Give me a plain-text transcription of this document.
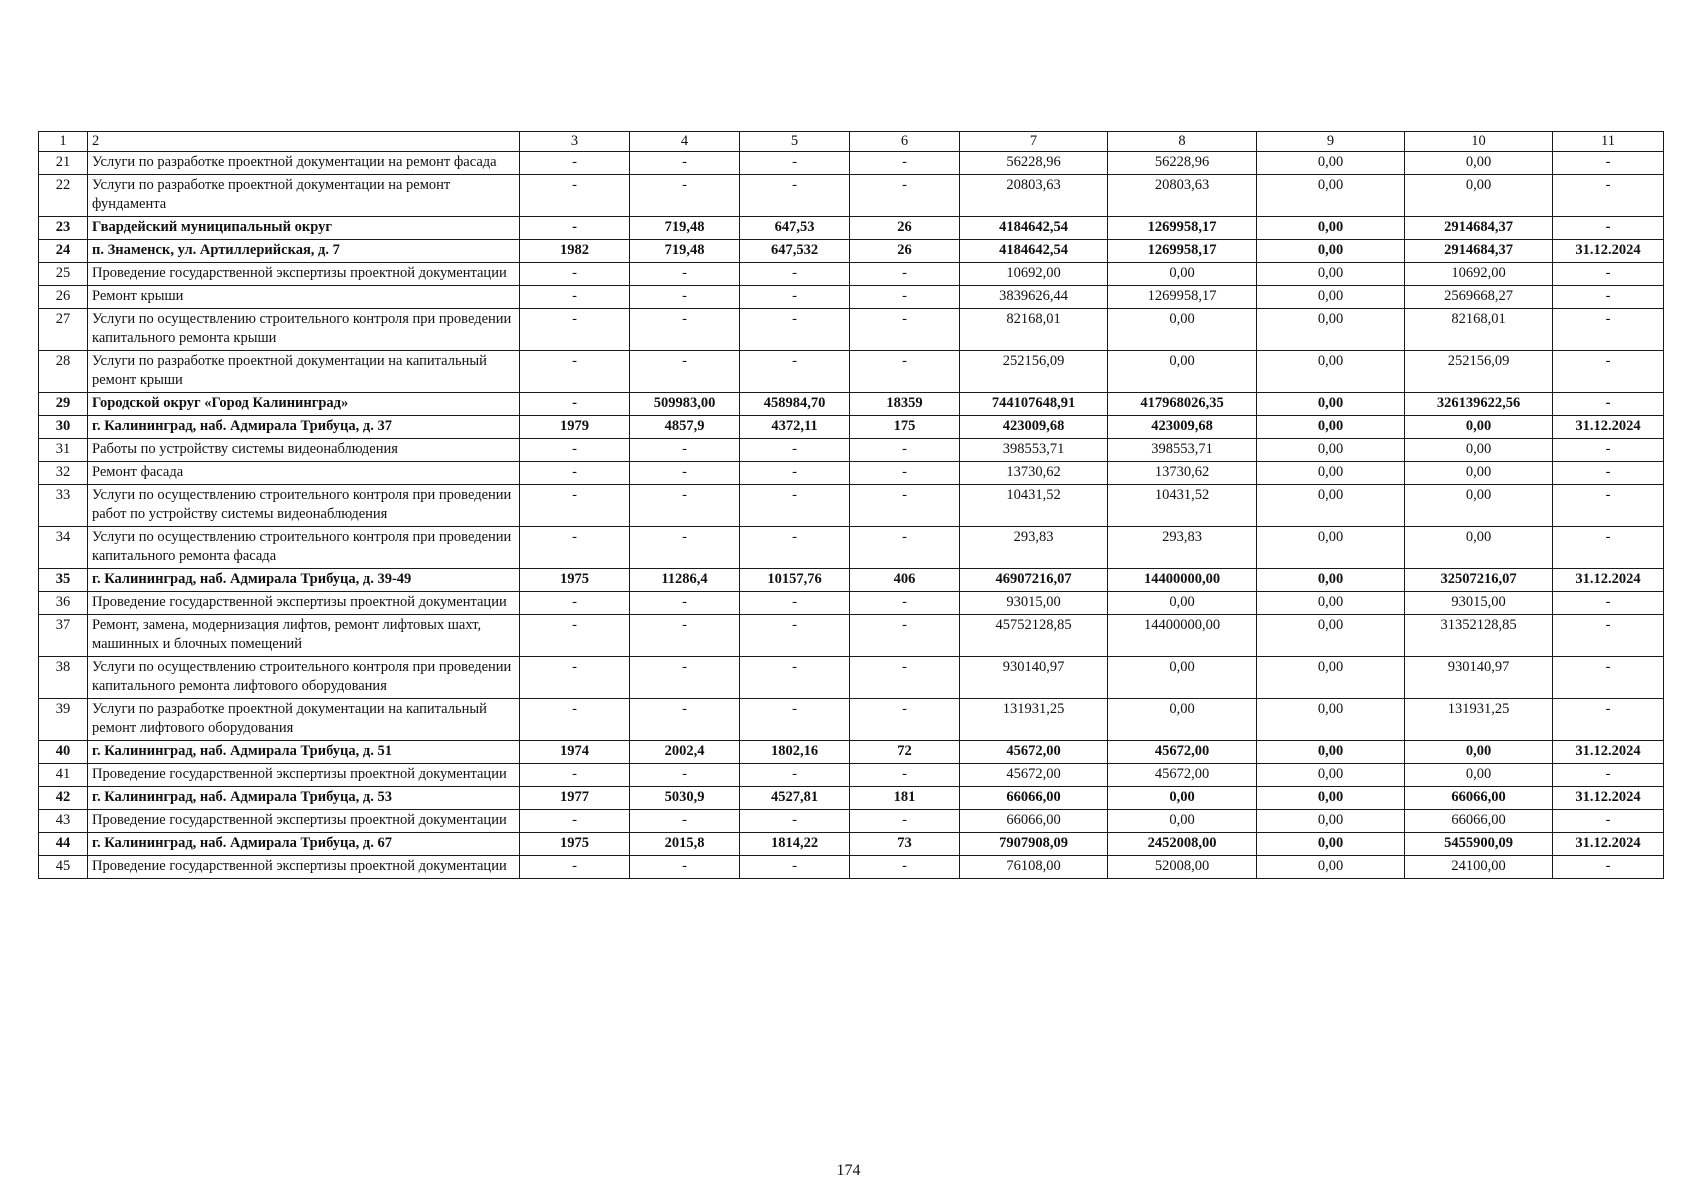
1	2	3	4	5	6	7	8	9	10	11
21	Услуги по разработке проектной документации на ремонт фасада	-	-	-	-	56228,96	56228,96	0,00	0,00	-
22	Услуги по разработке проектной документации на ремонт фундамента	-	-	-	-	20803,63	20803,63	0,00	0,00	-
23	Гвардейский муниципальный округ	-	719,48	647,53	26	4184642,54	1269958,17	0,00	2914684,37	-
24	п. Знаменск, ул. Артиллерийская, д. 7	1982	719,48	647,532	26	4184642,54	1269958,17	0,00	2914684,37	31.12.2024
25	Проведение государственной экспертизы проектной документации	-	-	-	-	10692,00	0,00	0,00	10692,00	-
26	Ремонт крыши	-	-	-	-	3839626,44	1269958,17	0,00	2569668,27	-
27	Услуги по осуществлению строительного контроля при проведении капитального ремонта крыши	-	-	-	-	82168,01	0,00	0,00	82168,01	-
28	Услуги по разработке проектной документации на капитальный ремонт крыши	-	-	-	-	252156,09	0,00	0,00	252156,09	-
29	Городской округ «Город Калининград»	-	509983,00	458984,70	18359	744107648,91	417968026,35	0,00	326139622,56	-
30	г. Калининград, наб. Адмирала Трибуца, д. 37	1979	4857,9	4372,11	175	423009,68	423009,68	0,00	0,00	31.12.2024
31	Работы по устройству системы видеонаблюдения	-	-	-	-	398553,71	398553,71	0,00	0,00	-
32	Ремонт фасада	-	-	-	-	13730,62	13730,62	0,00	0,00	-
33	Услуги по осуществлению строительного контроля при проведении работ по устройству системы видеонаблюдения	-	-	-	-	10431,52	10431,52	0,00	0,00	-
34	Услуги по осуществлению строительного контроля при проведении капитального ремонта фасада	-	-	-	-	293,83	293,83	0,00	0,00	-
35	г. Калининград, наб. Адмирала Трибуца, д. 39-49	1975	11286,4	10157,76	406	46907216,07	14400000,00	0,00	32507216,07	31.12.2024
36	Проведение государственной экспертизы проектной документации	-	-	-	-	93015,00	0,00	0,00	93015,00	-
37	Ремонт, замена, модернизация лифтов, ремонт лифтовых шахт, машинных и блочных помещений	-	-	-	-	45752128,85	14400000,00	0,00	31352128,85	-
38	Услуги по осуществлению строительного контроля при проведении капитального ремонта лифтового оборудования	-	-	-	-	930140,97	0,00	0,00	930140,97	-
39	Услуги по разработке проектной документации на капитальный ремонт лифтового оборудования	-	-	-	-	131931,25	0,00	0,00	131931,25	-
40	г. Калининград, наб. Адмирала Трибуца, д. 51	1974	2002,4	1802,16	72	45672,00	45672,00	0,00	0,00	31.12.2024
41	Проведение государственной экспертизы проектной документации	-	-	-	-	45672,00	45672,00	0,00	0,00	-
42	г. Калининград, наб. Адмирала Трибуца, д. 53	1977	5030,9	4527,81	181	66066,00	0,00	0,00	66066,00	31.12.2024
43	Проведение государственной экспертизы проектной документации	-	-	-	-	66066,00	0,00	0,00	66066,00	-
44	г. Калининград, наб. Адмирала Трибуца, д. 67	1975	2015,8	1814,22	73	7907908,09	2452008,00	0,00	5455900,09	31.12.2024
45	Проведение государственной экспертизы проектной документации	-	-	-	-	76108,00	52008,00	0,00	24100,00	-
174
